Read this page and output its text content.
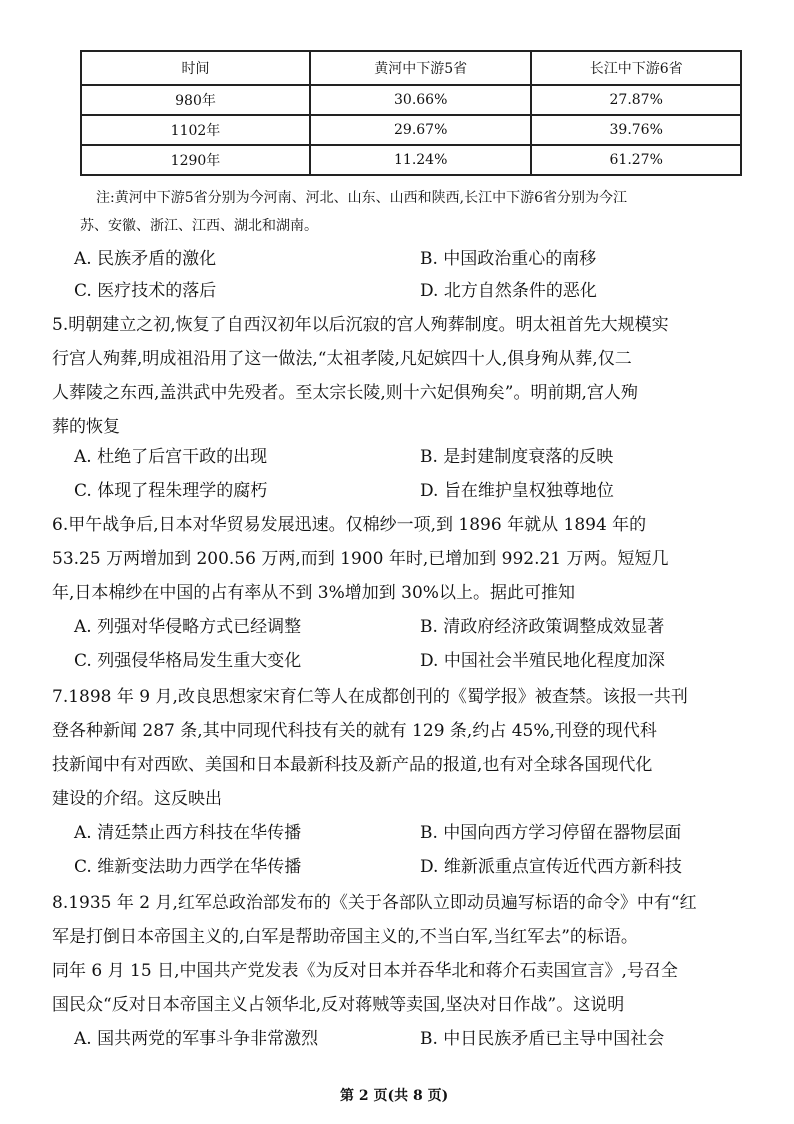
时间	黄河中下游5省	长江中下游6省
980年	30.66%	27.87%
1102年	29.67%	39.76%
1290年	11.24%	61.27%
注:黄河中下游5省分别为今河南、河北、山东、山西和陕西,长江中下游6省分别为今江
苏、安徽、浙江、江西、湖北和湖南。
A. 民族矛盾的激化	B. 中国政治重心的南移
C. 医疗技术的落后	D. 北方自然条件的恶化
5.明朝建立之初,恢复了自西汉初年以后沉寂的宫人殉葬制度。明太祖首先大规模实
行宫人殉葬,明成祖沿用了这一做法,“太祖孝陵,凡妃嫔四十人,俱身殉从葬,仅二
人葬陵之东西,盖洪武中先殁者。至太宗长陵,则十六妃俱殉矣”。明前期,宫人殉
葬的恢复
A. 杜绝了后宫干政的出现	B. 是封建制度衰落的反映
C. 体现了程朱理学的腐朽	D. 旨在维护皇权独尊地位
6.甲午战争后,日本对华贸易发展迅速。仅棉纱一项,到 1896 年就从 1894 年的
53.25 万两增加到 200.56 万两,而到 1900 年时,已增加到 992.21 万两。短短几
年,日本棉纱在中国的占有率从不到 3%增加到 30%以上。据此可推知
A. 列强对华侵略方式已经调整	B. 清政府经济政策调整成效显著
C. 列强侵华格局发生重大变化	D. 中国社会半殖民地化程度加深
7.1898 年 9 月,改良思想家宋育仁等人在成都创刊的《蜀学报》被查禁。该报一共刊
登各种新闻 287 条,其中同现代科技有关的就有 129 条,约占 45%,刊登的现代科
技新闻中有对西欧、美国和日本最新科技及新产品的报道,也有对全球各国现代化
建设的介绍。这反映出
A. 清廷禁止西方科技在华传播	B. 中国向西方学习停留在器物层面
C. 维新变法助力西学在华传播	D. 维新派重点宣传近代西方新科技
8.1935 年 2 月,红军总政治部发布的《关于各部队立即动员遍写标语的命令》中有“红
军是打倒日本帝国主义的,白军是帮助帝国主义的,不当白军,当红军去”的标语。
同年 6 月 15 日,中国共产党发表《为反对日本并吞华北和蒋介石卖国宣言》,号召全
国民众“反对日本帝国主义占领华北,反对蒋贼等卖国,坚决对日作战”。这说明
A. 国共两党的军事斗争非常激烈	B. 中日民族矛盾已主导中国社会
第 2 页(共 8 页)
